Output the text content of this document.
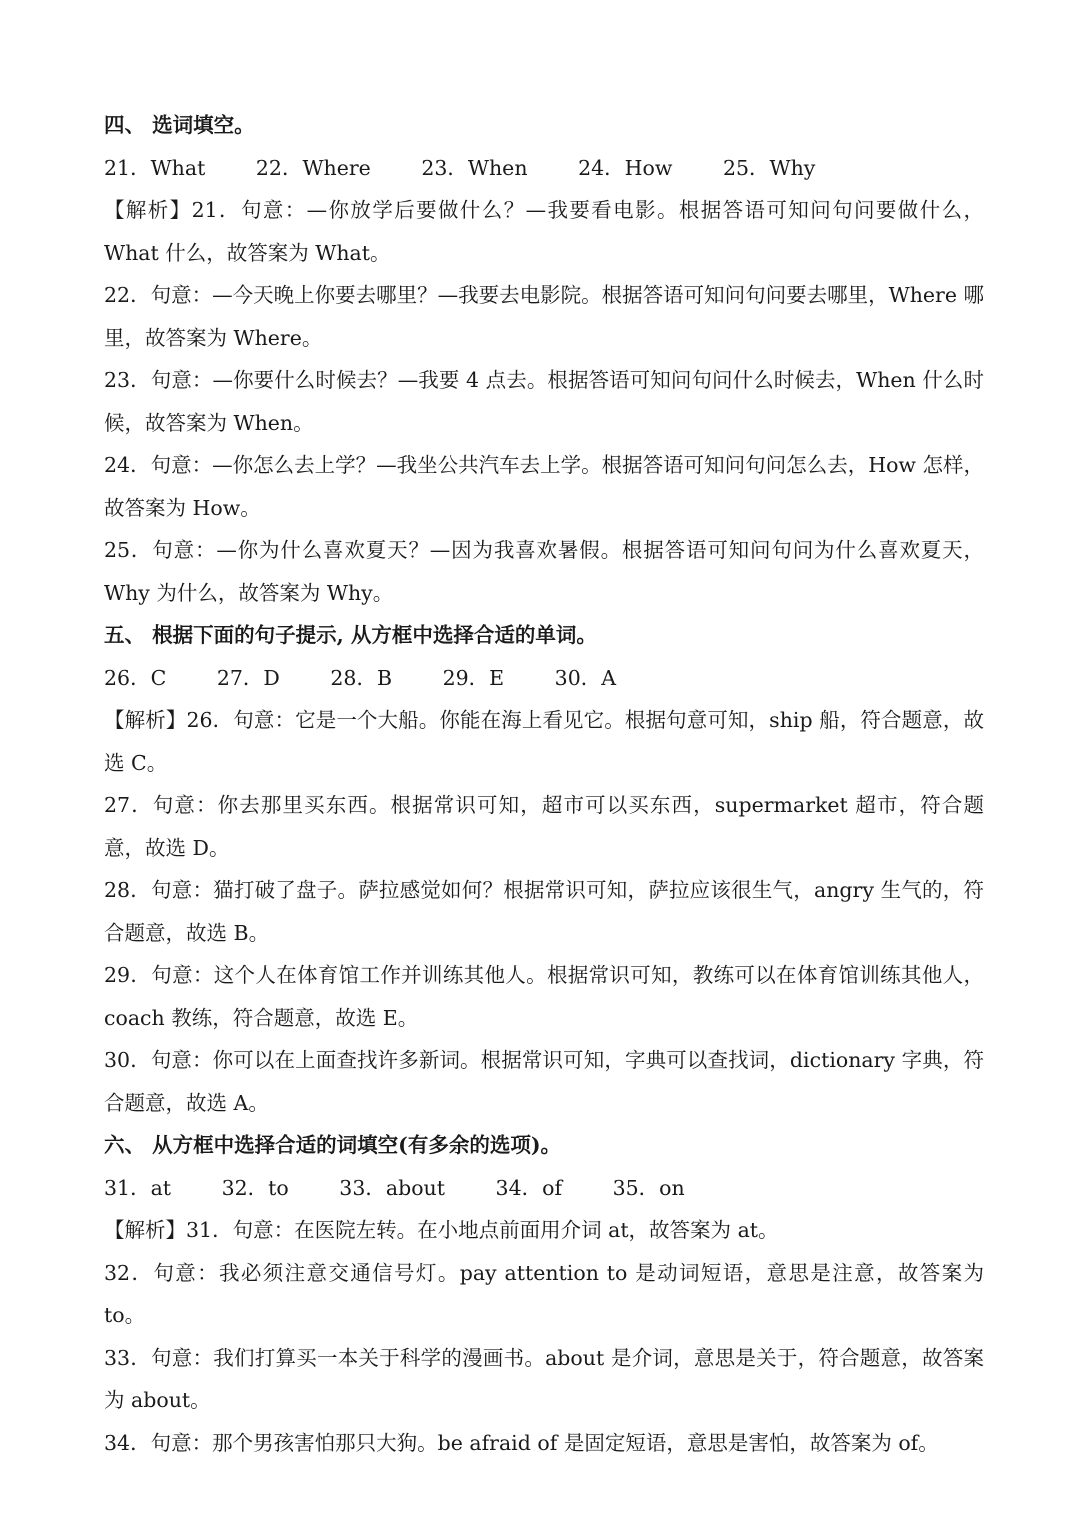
四、 选词填空。
21．What 22．Where 23．When 24．How 25．Why
【解析】21．句意：—你放学后要做什么？—我要看电影。根据答语可知问句问要做什么，What 什么，故答案为 What。
22．句意：—今天晚上你要去哪里？—我要去电影院。根据答语可知问句问要去哪里，Where 哪里，故答案为 Where。
23．句意：—你要什么时候去？—我要 4 点去。根据答语可知问句问什么时候去，When 什么时候，故答案为 When。
24．句意：—你怎么去上学？—我坐公共汽车去上学。根据答语可知问句问怎么去，How 怎样，故答案为 How。
25．句意：—你为什么喜欢夏天？—因为我喜欢暑假。根据答语可知问句问为什么喜欢夏天，Why 为什么，故答案为 Why。
五、 根据下面的句子提示, 从方框中选择合适的单词。
26．C 27．D 28．B 29．E 30．A
【解析】26．句意：它是一个大船。你能在海上看见它。根据句意可知，ship 船，符合题意，故选 C。
27．句意：你去那里买东西。根据常识可知，超市可以买东西，supermarket 超市，符合题意，故选 D。
28．句意：猫打破了盘子。萨拉感觉如何？根据常识可知，萨拉应该很生气，angry 生气的，符合题意，故选 B。
29．句意：这个人在体育馆工作并训练其他人。根据常识可知，教练可以在体育馆训练其他人，coach 教练，符合题意，故选 E。
30．句意：你可以在上面查找许多新词。根据常识可知，字典可以查找词，dictionary 字典，符合题意，故选 A。
六、 从方框中选择合适的词填空(有多余的选项)。
31．at 32．to 33．about 34．of 35．on
【解析】31．句意：在医院左转。在小地点前面用介词 at，故答案为 at。
32．句意：我必须注意交通信号灯。pay attention to 是动词短语，意思是注意，故答案为 to。
33．句意：我们打算买一本关于科学的漫画书。about 是介词，意思是关于，符合题意，故答案为 about。
34．句意：那个男孩害怕那只大狗。be afraid of 是固定短语，意思是害怕，故答案为 of。
